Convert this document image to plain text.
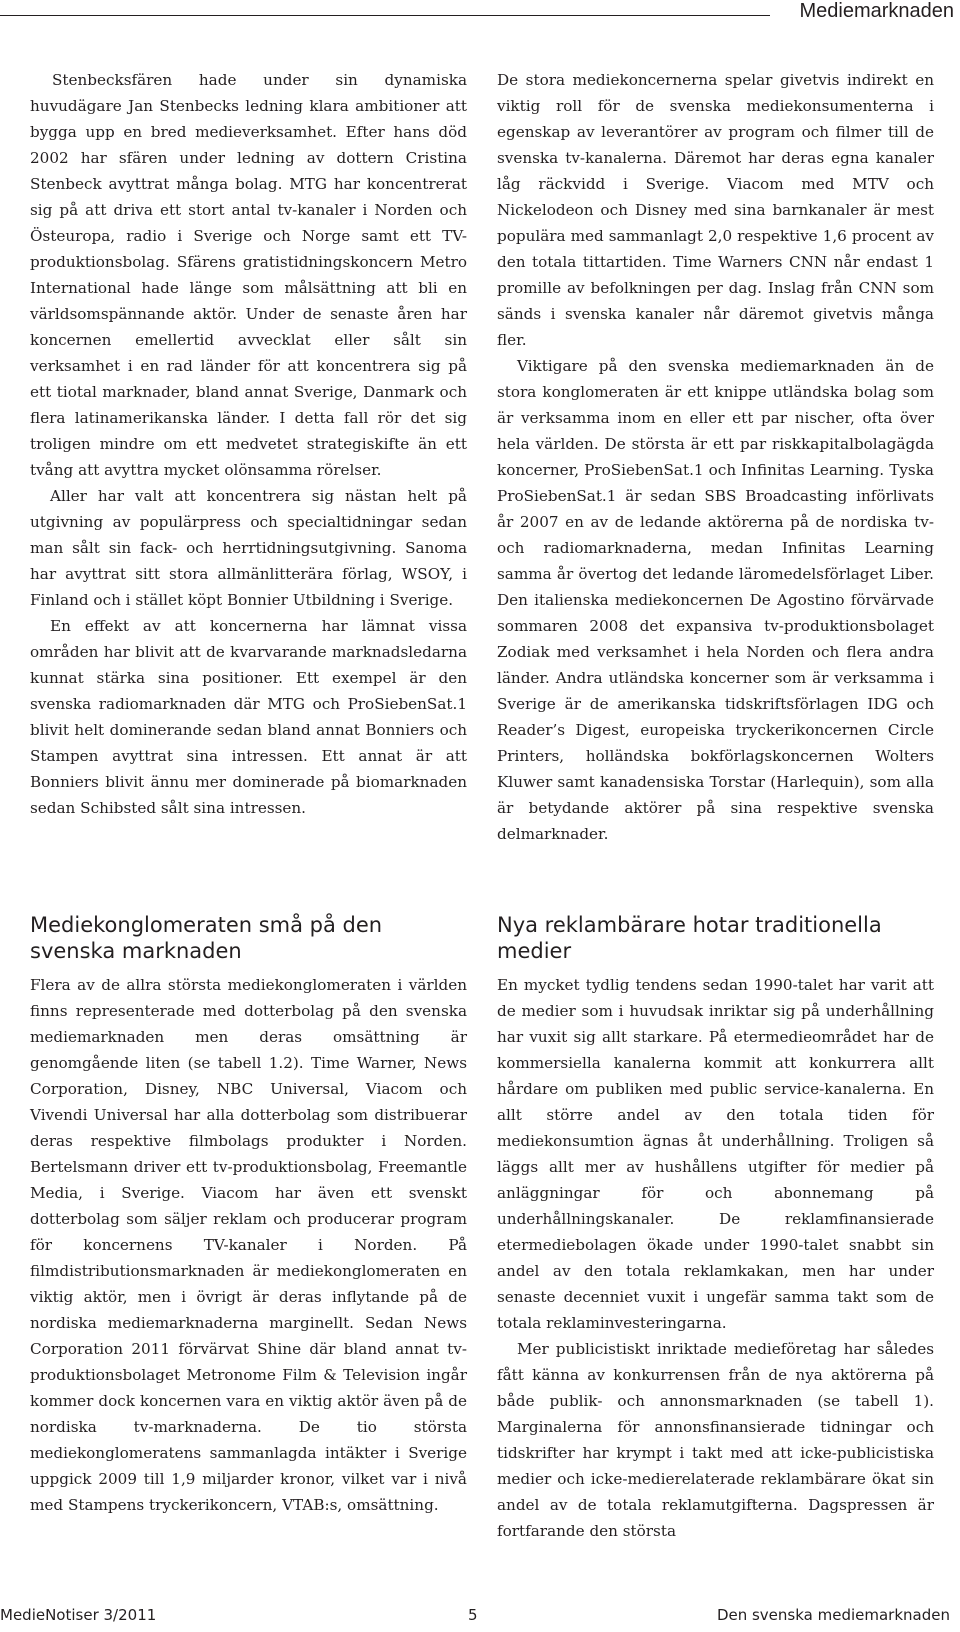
Mediemarknaden

Stenbecksfären hade under sin dynamiska huvudägare Jan Stenbecks ledning klara ambitioner att bygga upp en bred medieverksamhet. Efter hans död 2002 har sfären under ledning av dottern Cristina Stenbeck avyttrat många bolag. MTG har koncentrerat sig på att driva ett stort antal tv-kanaler i Norden och Östeuropa, radio i Sverige och Norge samt ett TV-produktionsbolag. Sfärens gratistidningskoncern Metro International hade länge som målsättning att bli en världsomspännande aktör. Under de senaste åren har koncernen emellertid avvecklat eller sålt sin verksamhet i en rad länder för att koncentrera sig på ett tiotal marknader, bland annat Sverige, Danmark och flera latinamerikanska länder. I detta fall rör det sig troligen mindre om ett medvetet strategiskifte än ett tvång att avyttra mycket olönsamma rörelser.

Aller har valt att koncentrera sig nästan helt på utgivning av populärpress och specialtidningar sedan man sålt sin fack- och herrtidningsutgivning. Sanoma har avyttrat sitt stora allmänlitterära förlag, WSOY, i Finland och i stället köpt Bonnier Utbildning i Sverige.

En effekt av att koncernerna har lämnat vissa områden har blivit att de kvarvarande marknadsledarna kunnat stärka sina positioner. Ett exempel är den svenska radiomarknaden där MTG och ProSiebenSat.1 blivit helt dominerande sedan bland annat Bonniers och Stampen avyttrat sina intressen. Ett annat är att Bonniers blivit ännu mer dominerade på biomarknaden sedan Schibsted sålt sina intressen.

De stora mediekoncernerna spelar givetvis indirekt en viktig roll för de svenska mediekonsumenterna i egenskap av leverantörer av program och filmer till de svenska tv-kanalerna. Däremot har deras egna kanaler låg räckvidd i Sverige. Viacom med MTV och Nickelodeon och Disney med sina barnkanaler är mest populära med sammanlagt 2,0 respektive 1,6 procent av den totala tittartiden. Time Warners CNN når endast 1 promille av befolkningen per dag. Inslag från CNN som sänds i svenska kanaler når däremot givetvis många fler.

Viktigare på den svenska mediemarknaden än de stora konglomeraten är ett knippe utländska bolag som är verksamma inom en eller ett par nischer, ofta över hela världen. De största är ett par riskkapitalbolagägda koncerner, ProSiebenSat.1 och Infinitas Learning. Tyska ProSiebenSat.1 är sedan SBS Broadcasting införlivats år 2007 en av de ledande aktörerna på de nordiska tv- och radiomarknaderna, medan Infinitas Learning samma år övertog det ledande läromedelsförlaget Liber. Den italienska mediekoncernen De Agostino förvärvade sommaren 2008 det expansiva tv-produktionsbolaget Zodiak med verksamhet i hela Norden och flera andra länder. Andra utländska koncerner som är verksamma i Sverige är de amerikanska tidskriftsförlagen IDG och Reader’s Digest, europeiska tryckerikoncernen Circle Printers, holländska bokförlagskoncernen Wolters Kluwer samt kanadensiska Torstar (Harlequin), som alla är betydande aktörer på sina respektive svenska delmarknader.

Mediekonglomeraten små på den svenska marknaden

Flera av de allra största mediekonglomeraten i världen finns representerade med dotterbolag på den svenska mediemarknaden men deras omsättning är genomgående liten (se tabell 1.2). Time Warner, News Corporation, Disney, NBC Universal, Viacom och Vivendi Universal har alla dotterbolag som distribuerar deras respektive filmbolags produkter i Norden. Bertelsmann driver ett tv-produktionsbolag, Freemantle Media, i Sverige. Viacom har även ett svenskt dotterbolag som säljer reklam och producerar program för koncernens TV-kanaler i Norden. På filmdistributionsmarknaden är mediekonglomeraten en viktig aktör, men i övrigt är deras inflytande på de nordiska mediemarknaderna marginellt. Sedan News Corporation 2011 förvärvat Shine där bland annat tv-produktionsbolaget Metronome Film & Television ingår kommer dock koncernen vara en viktig aktör även på de nordiska tv-marknaderna. De tio största mediekonglomeratens sammanlagda intäkter i Sverige uppgick 2009 till 1,9 miljarder kronor, vilket var i nivå med Stampens tryckerikoncern, VTAB:s, omsättning.

Nya reklambärare hotar traditionella medier

En mycket tydlig tendens sedan 1990-talet har varit att de medier som i huvudsak inriktar sig på underhållning har vuxit sig allt starkare. På etermedieområdet har de kommersiella kanalerna kommit att konkurrera allt hårdare om publiken med public service-kanalerna. En allt större andel av den totala tiden för mediekonsumtion ägnas åt underhållning. Troligen så läggs allt mer av hushållens utgifter för medier på anläggningar för och abonnemang på underhållningskanaler. De reklamfinansierade etermediebolagen ökade under 1990-talet snabbt sin andel av den totala reklamkakan, men har under senaste decenniet vuxit i ungefär samma takt som de totala reklaminvesteringarna.

Mer publicistiskt inriktade medieföretag har således fått känna av konkurrensen från de nya aktörerna på både publik- och annonsmarknaden (se tabell 1). Marginalerna för annonsfinansierade tidningar och tidskrifter har krympt i takt med att icke-publicistiska medier och icke-medierelaterade reklambärare ökat sin andel av de totala reklamutgifterna. Dagspressen är fortfarande den största

MedieNotiser 3/2011	5	Den svenska mediemarknaden
